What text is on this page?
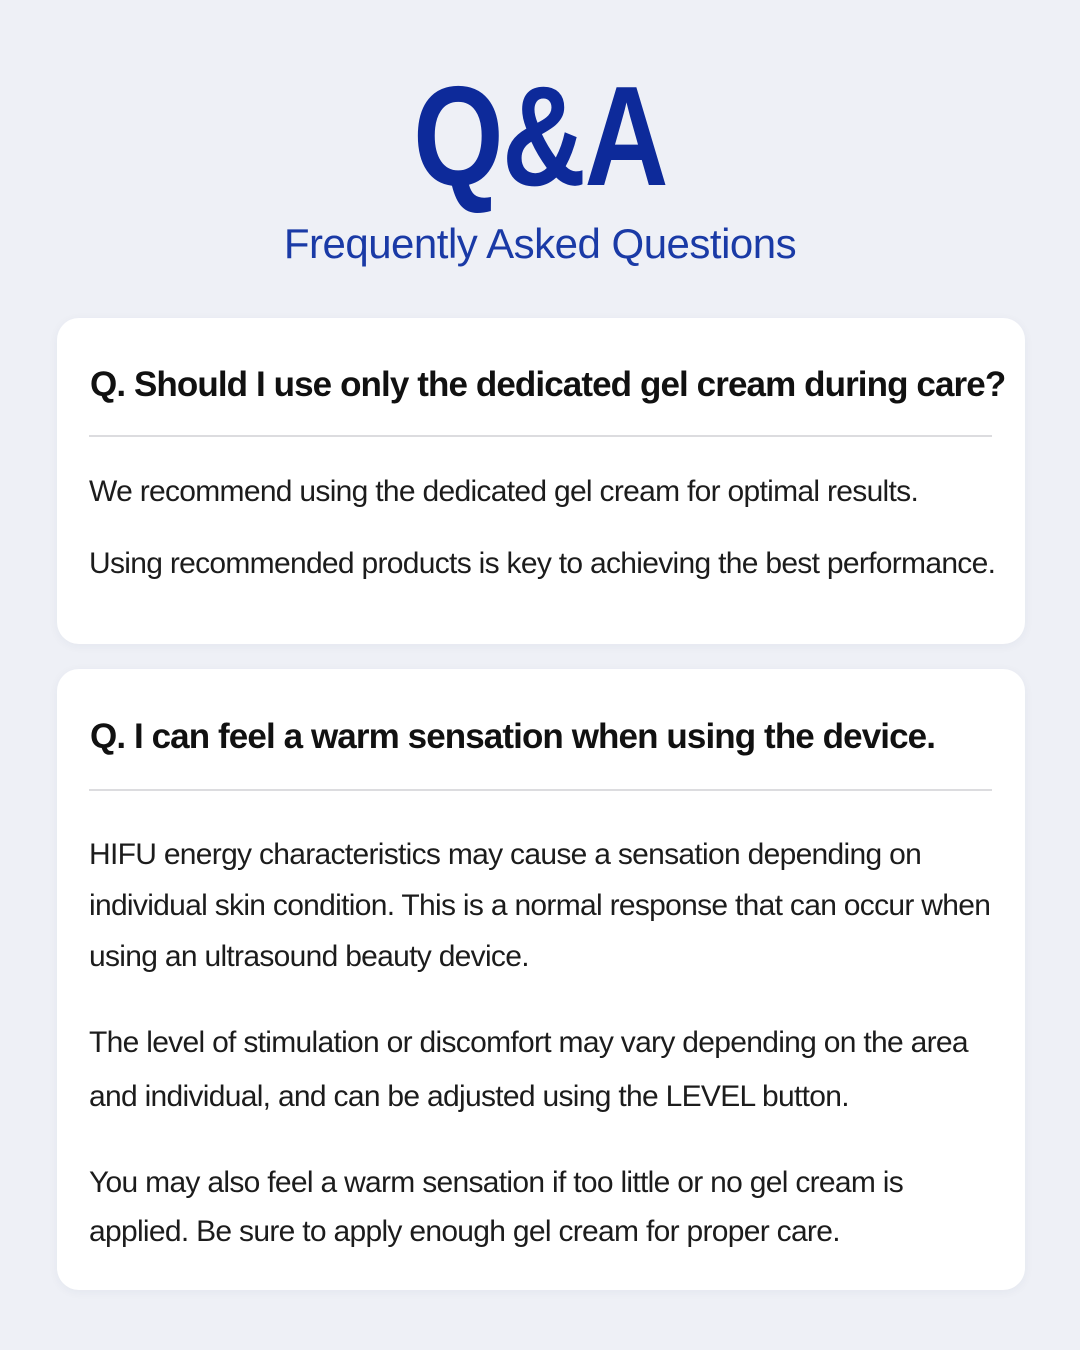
Q&A
Frequently Asked Questions
Q. Should I use only the dedicated gel cream during care?

We recommend using the dedicated gel cream for optimal results.

Using recommended products is key to achieving the best performance.

Q. I can feel a warm sensation when using the device.

HIFU energy characteristics may cause a sensation depending on individual skin condition. This is a normal response that can occur when using an ultrasound beauty device.

The level of stimulation or discomfort may vary depending on the area and individual, and can be adjusted using the LEVEL button.

You may also feel a warm sensation if too little or no gel cream is applied. Be sure to apply enough gel cream for proper care.
